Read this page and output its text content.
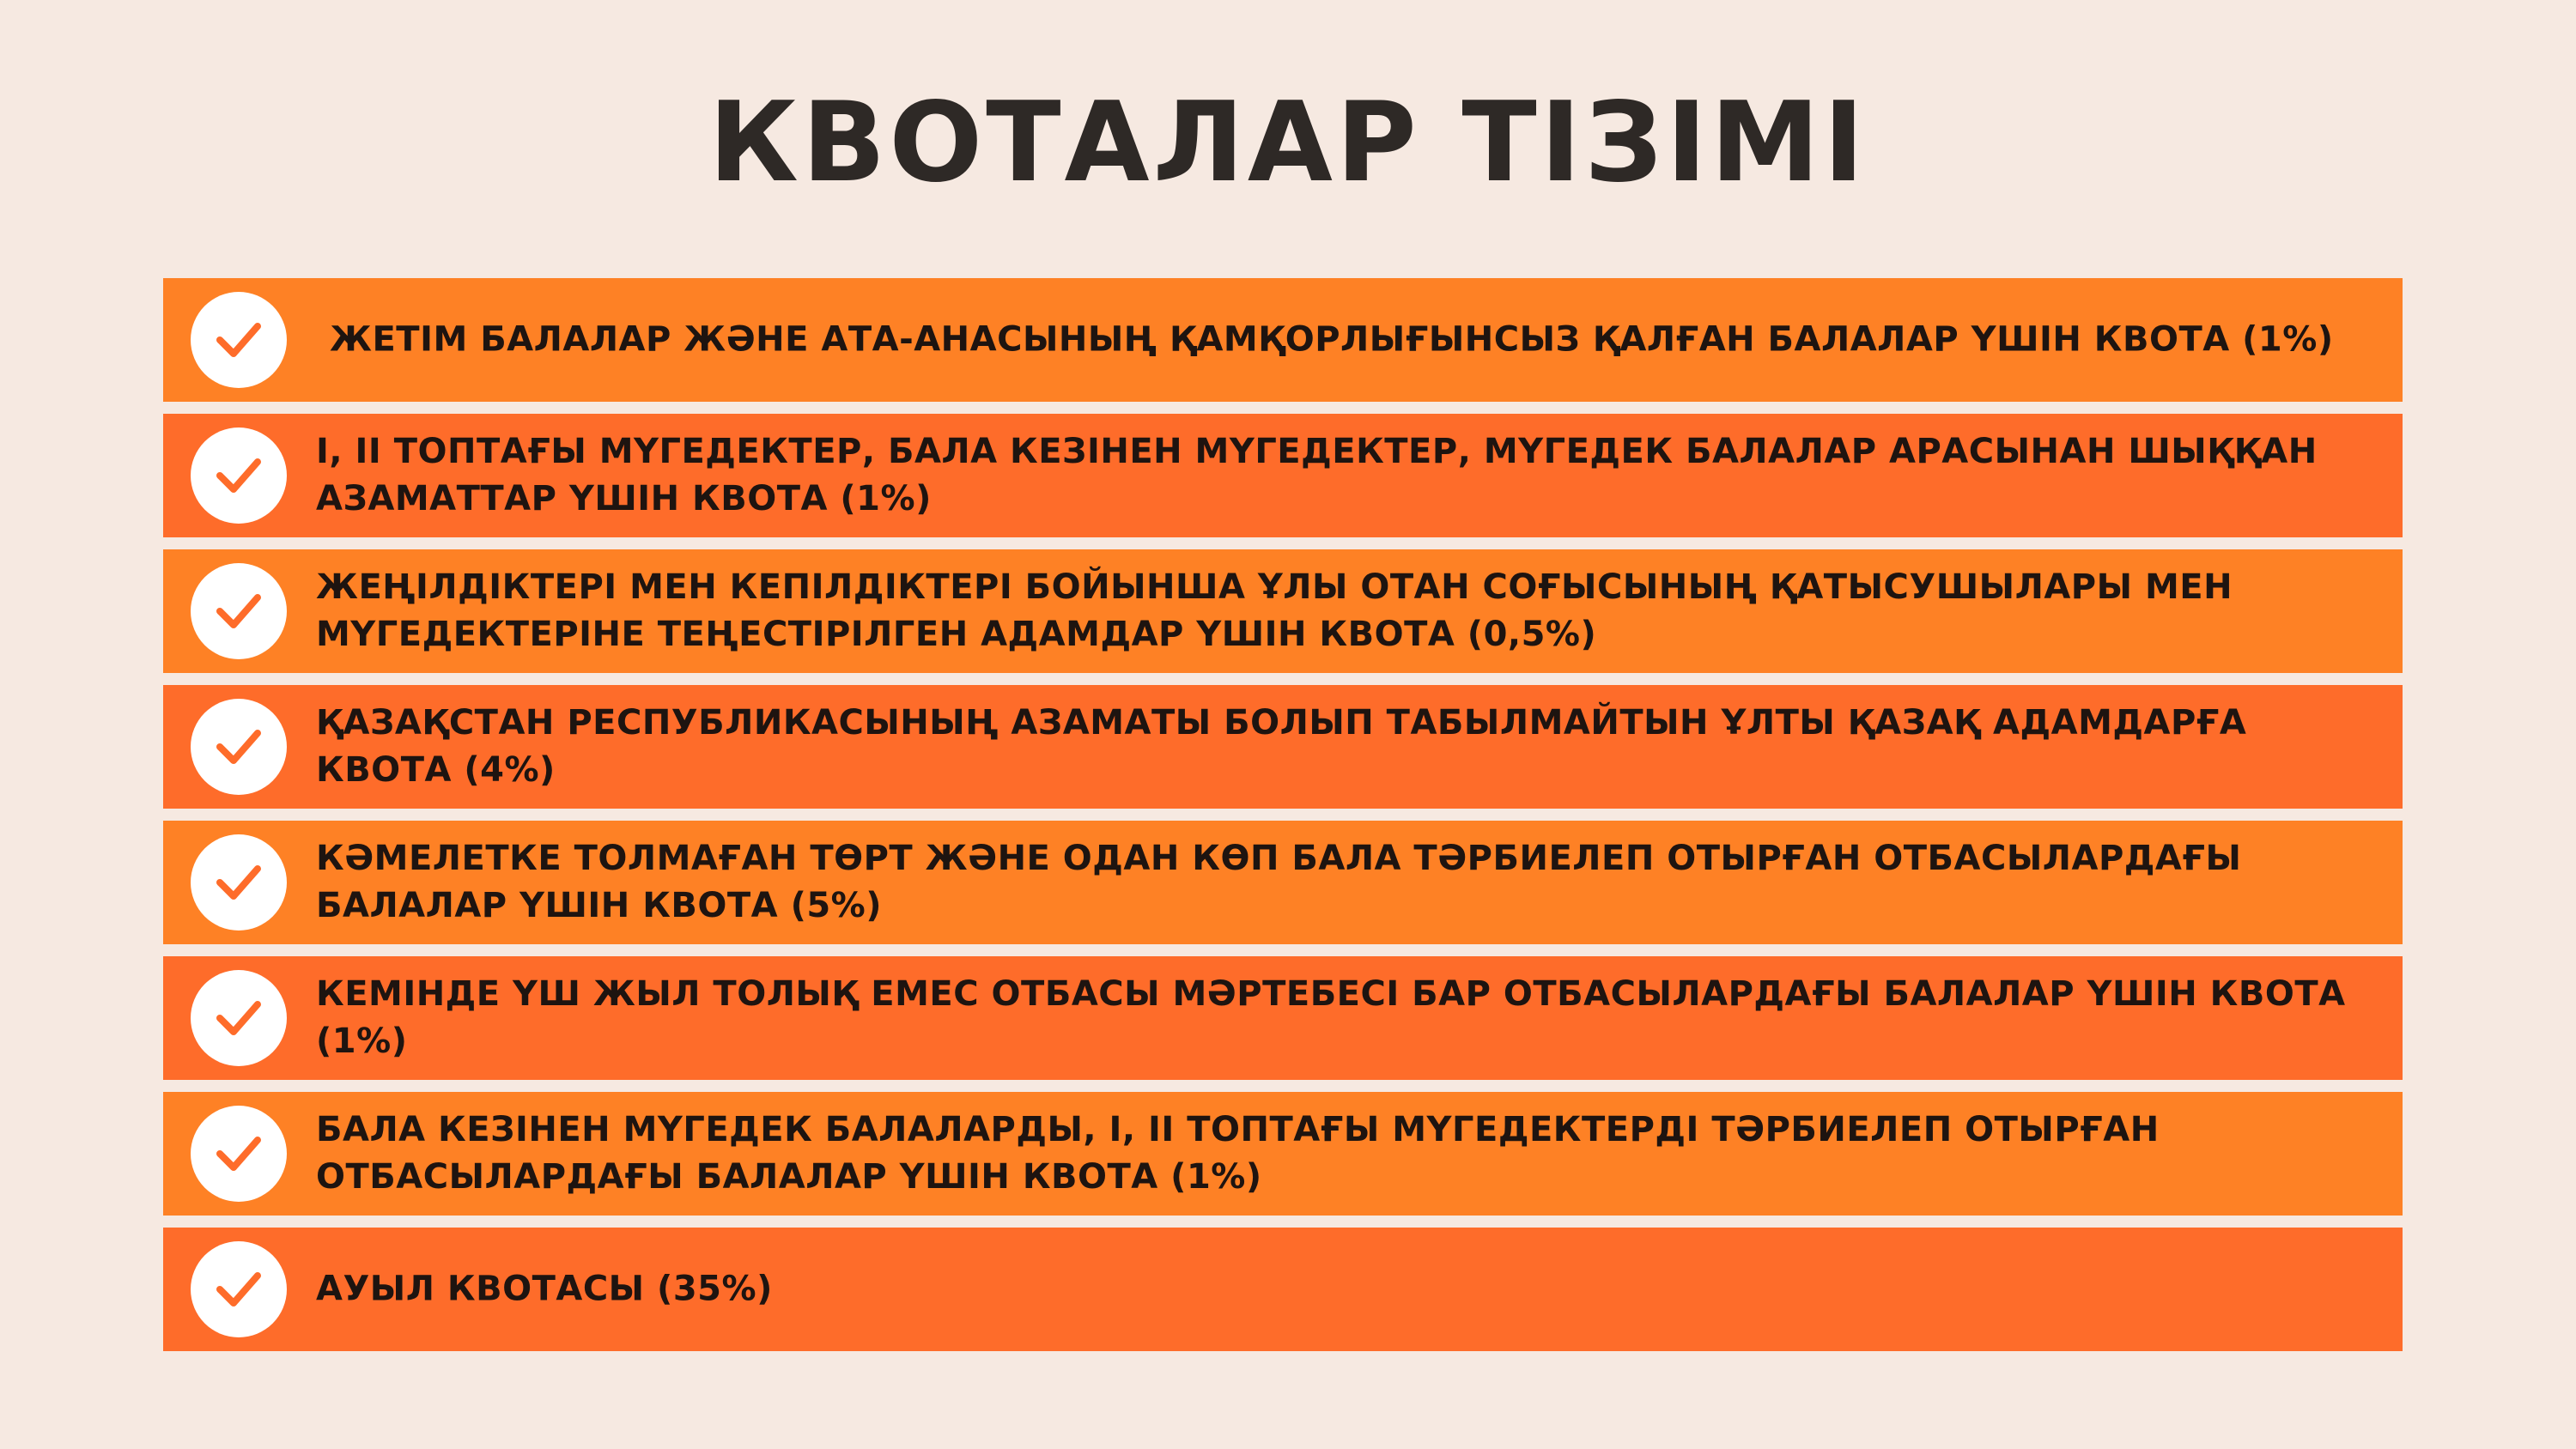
КВОТАЛАР ТІЗІМІ
ЖЕТІМ БАЛАЛАР ЖӘНЕ АТА-АНАСЫНЫҢ ҚАМҚОРЛЫҒЫНСЫЗ ҚАЛҒАН БАЛАЛАР ҮШІН КВОТА (1%)
І, ІІ ТОПТАҒЫ МҮГЕДЕКТЕР, БАЛА КЕЗІНЕН МҮГЕДЕКТЕР, МҮГЕДЕК БАЛАЛАР АРАСЫНАН ШЫҚҚАН АЗАМАТТАР ҮШІН КВОТА (1%)
ЖЕҢІЛДІКТЕРІ МЕН КЕПІЛДІКТЕРІ БОЙЫНША ҰЛЫ ОТАН СОҒЫСЫНЫҢ ҚАТЫСУШЫЛАРЫ МЕН МҮГЕДЕКТЕРІНЕ ТЕҢЕСТІРІЛГЕН АДАМДАР ҮШІН КВОТА (0,5%)
ҚАЗАҚСТАН РЕСПУБЛИКАСЫНЫҢ АЗАМАТЫ БОЛЫП ТАБЫЛМАЙТЫН ҰЛТЫ ҚАЗАҚ АДАМДАРҒА КВОТА (4%)
КӘМЕЛЕТКЕ ТОЛМАҒАН ТӨРТ ЖӘНЕ ОДАН КӨП БАЛА ТӘРБИЕЛЕП ОТЫРҒАН ОТБАСЫЛАРДАҒЫ БАЛАЛАР ҮШІН КВОТА (5%)
КЕМІНДЕ ҮШ ЖЫЛ ТОЛЫҚ ЕМЕС ОТБАСЫ МӘРТЕБЕСІ БАР ОТБАСЫЛАРДАҒЫ БАЛАЛАР ҮШІН КВОТА (1%)
БАЛА КЕЗІНЕН МҮГЕДЕК БАЛАЛАРДЫ, І, ІІ ТОПТАҒЫ МҮГЕДЕКТЕРДІ ТӘРБИЕЛЕП ОТЫРҒАН ОТБАСЫЛАРДАҒЫ БАЛАЛАР ҮШІН КВОТА (1%)
АУЫЛ КВОТАСЫ (35%)
